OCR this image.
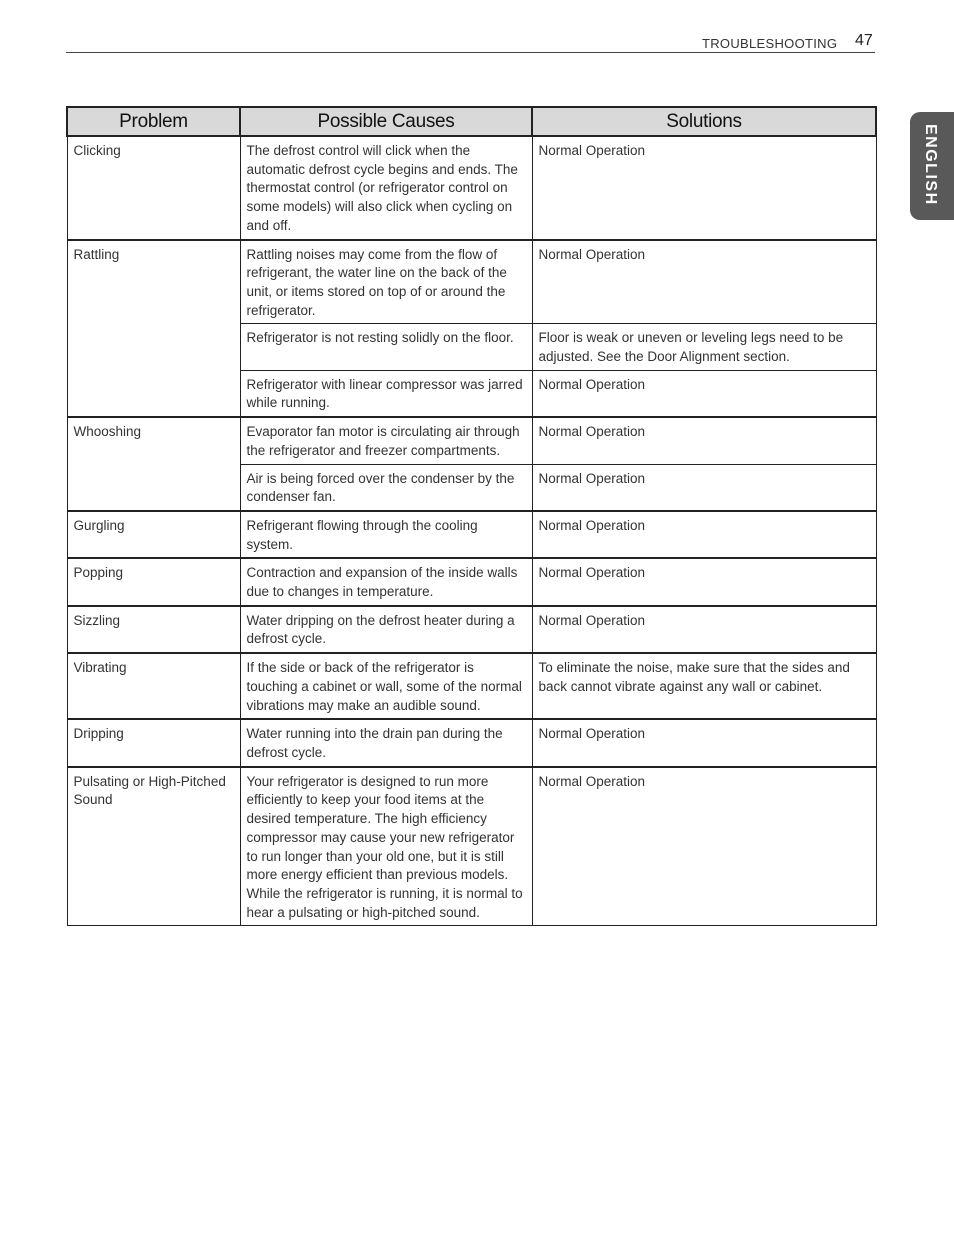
TROUBLESHOOTING 47
ENGLISH
Problem	Possible Causes	Solutions
Clicking	The defrost control will click when the automatic defrost cycle begins and ends. The thermostat control (or refrigerator control on some models) will also click when cycling on and off.	Normal Operation
Rattling	Rattling noises may come from the flow of refrigerant, the water line on the back of the unit, or items stored on top of or around the refrigerator.	Normal Operation
	Refrigerator is not resting solidly on the floor.	Floor is weak or uneven or leveling legs need to be adjusted. See the Door Alignment section.
	Refrigerator with linear compressor was jarred while running.	Normal Operation
Whooshing	Evaporator fan motor is circulating air through the refrigerator and freezer compartments.	Normal Operation
	Air is being forced over the condenser by the condenser fan.	Normal Operation
Gurgling	Refrigerant flowing through the cooling system.	Normal Operation
Popping	Contraction and expansion of the inside walls due to changes in temperature.	Normal Operation
Sizzling	Water dripping on the defrost heater during a defrost cycle.	Normal Operation
Vibrating	If the side or back of the refrigerator is touching a cabinet or wall, some of the normal vibrations may make an audible sound.	To eliminate the noise, make sure that the sides and back cannot vibrate against any wall or cabinet.
Dripping	Water running into the drain pan during the defrost cycle.	Normal Operation
Pulsating or High-Pitched Sound	Your refrigerator is designed to run more efficiently to keep your food items at the desired temperature. The high efficiency compressor may cause your new refrigerator to run longer than your old one, but it is still more energy efficient than previous models. While the refrigerator is running, it is normal to hear a pulsating or high-pitched sound.	Normal Operation
